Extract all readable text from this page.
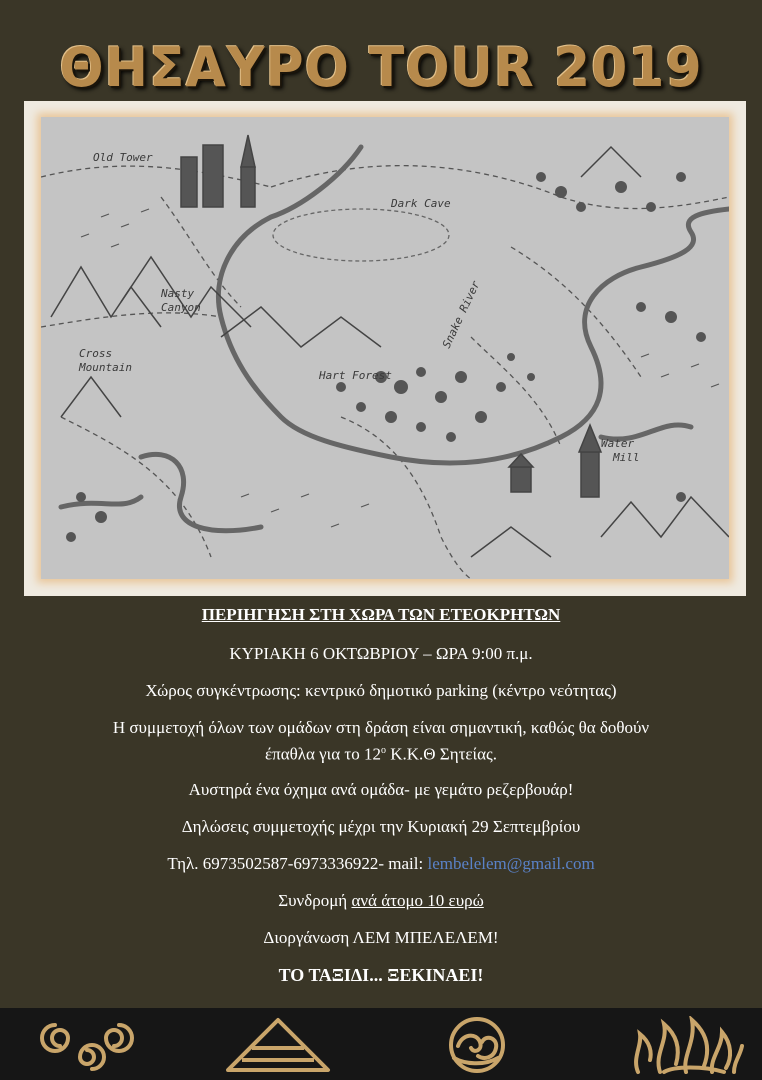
ΘΗΣΑΥΡΟ TOUR 2019
Old Tower
Dark Cave
Nasty
Canyon
Cross
Mountain
Hart Forest
Snake River
Water
Mill
ΠΕΡΙΗΓΗΣΗ ΣΤΗ ΧΩΡΑ ΤΩΝ ΕΤΕΟΚΡΗΤΩΝ
ΚΥΡΙΑΚΗ 6 ΟΚΤΩΒΡΙΟΥ – ΩΡΑ 9:00 π.μ.
Χώρος συγκέντρωσης: κεντρικό δημοτικό parking (κέντρο νεότητας)
Η συμμετοχή όλων των ομάδων στη δράση είναι σημαντική, καθώς θα δοθούν
έπαθλα για το $12^o$ Κ.Κ.Θ Σητείας.
Αυστηρά ένα όχημα ανά ομάδα- με γεμάτο ρεζερβουάρ!
Δηλώσεις συμμετοχής μέχρι την Κυριακή 29 Σεπτεμβρίου
Τηλ. 6973502587-6973336922- mail: lembelelem@gmail.com
Συνδρομή ανά άτομο 10 ευρώ
Διοργάνωση ΛΕΜ ΜΠΕΛΕΛΕΜ!
ΤΟ ΤΑΞΙΔΙ... ΞΕΚΙΝΑΕΙ!
